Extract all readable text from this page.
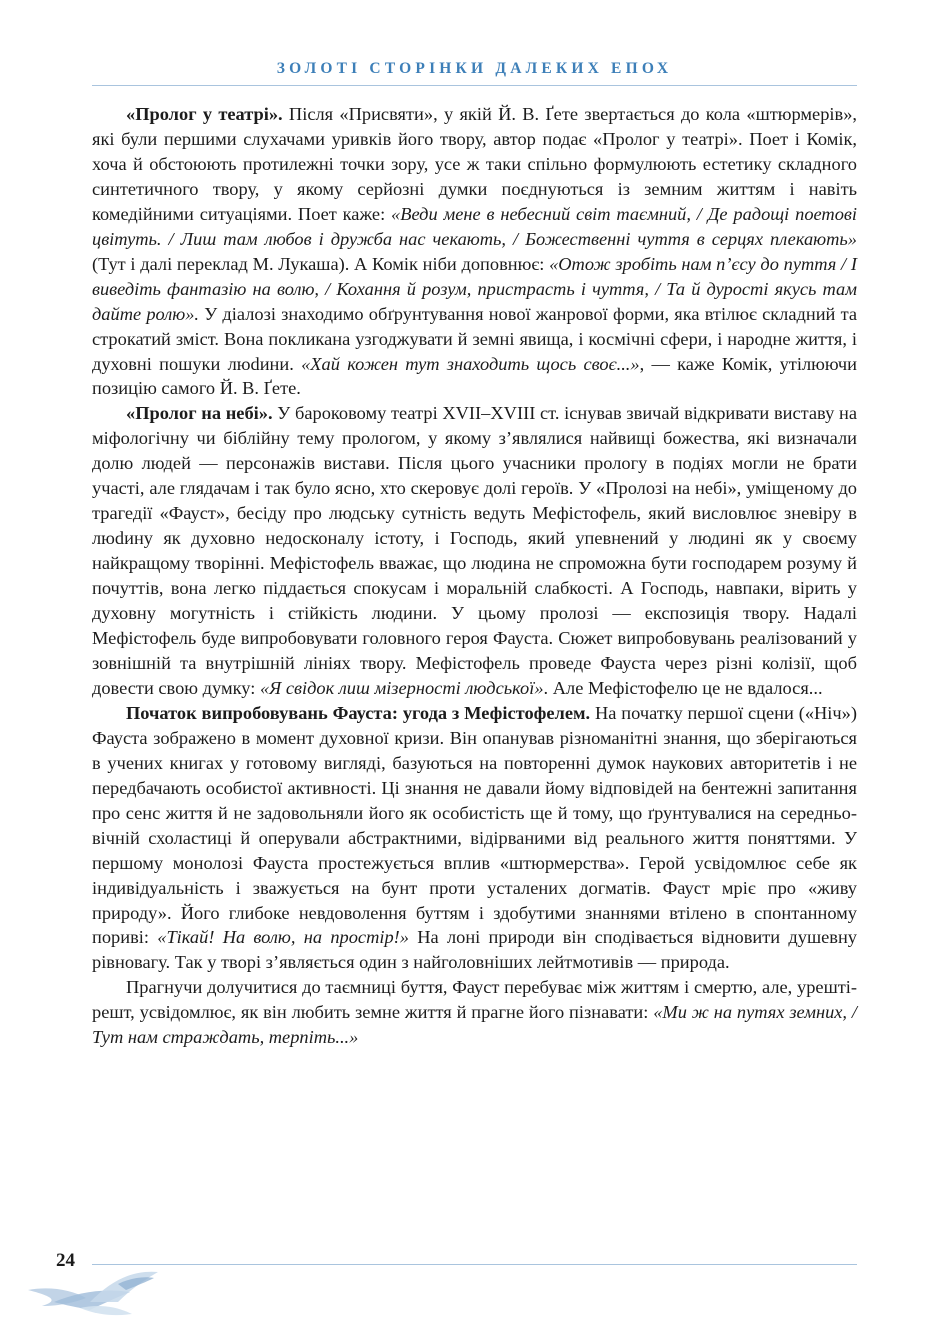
ЗОЛОТІ СТОРІНКИ ДАЛЕКИХ ЕПОХ

«Пролог у театрі». Після «Присвяти», у якій Й. В. Ґете звертається до кола «штюрмерів», які були першими слухачами уривків його твору, автор подає «Пролог у театрі». Поет і Комік, хоча й обстоюють протилежні точки зору, усе ж таки спільно формулюють естетику складного синтетичного твору, у якому серйозні думки поєднуються із земним життям і навіть комедійними ситуаціями. Поет каже: «Веди мене в небесний світ таємний, / Де радощі поетові цвітуть. / Лиш там любов і дружба нас чекають, / Божественні чуття в серцях плекають» (Тут і далі переклад М. Лукаша). А Комік ніби доповнює: «Отож зробіть нам п’єсу до пуття / І виведіть фантазію на волю, / Кохання й розум, пристрасть і чуття, / Та й дурості якусь там дайте ролю». У діалозі знаходимо обґрунтування нової жанрової форми, яка втілює складний та строкатий зміст. Вона покликана узгоджувати й земні явища, і космічні сфери, і народне життя, і духовні пошуки люdини. «Хай кожен тут знаходить щось своє...», — каже Комік, утілюючи позицію самого Й. В. Ґете.

«Пролог на небі». У бароковому театрі XVII–XVIII ст. існував звичай відкривати виставу на міфологічну чи біблійну тему прологом, у якому з’являлися найвищі божества, які визначали долю людей — персонажів вистави. Після цього учасники прологу в подіях могли не брати участі, але глядачам і так було ясно, хто скеровує долі героїв. У «Пролозі на небі», уміщеному до трагедії «Фауст», бесіду про людську сутність ведуть Мефістофель, який висловлює зневіру в люdину як духовно недосконалу істоту, і Господь, який упевнений у людині як у своєму найкращому творінні. Мефістофель вважає, що людина не спроможна бути господарем розуму й почуттів, вона легко піддається спокусам і моральній слабкості. А Господь, навпаки, вірить у духовну могутність і стійкість людини. У цьому пролозі — експозиція твору. Надалі Мефістофель буде випробовувати головного героя Фауста. Сюжет випробовувань реалізований у зовнішній та внутрішній лініях твору. Мефістофель проведе Фауста через різні колізії, щоб довести свою думку: «Я свідок лиш мізерності людської». Але Мефістофелю це не вдалося...

Початок випробовувань Фауста: угода з Мефістофелем. На початку першої сцени («Ніч») Фауста зображено в момент духовної кризи. Він опанував різноманітні знання, що зберігаються в учених книгах у готовому вигляді, базуються на повторенні думок наукових авторитетів і не передбачають особистої активності. Ці знання не давали йому відповідей на бентежні запитання про сенс життя й не задовольняли його як особистість ще й тому, що ґрунтувалися на середньовічній схоластиці й оперували абстрактними, відірваними від реального життя поняттями. У першому монолозі Фауста простежується вплив «штюрмерства». Герой усвідомлює себе як індивідуальність і зважується на бунт проти усталених догматів. Фауст мріє про «живу природу». Його глибоке невдоволення буттям і здобутими знаннями втілено в спонтанному пориві: «Тікай! На волю, на простір!» На лоні природи він сподівається відновити душевну рівновагу. Так у творі з’являється один з найголовніших лейтмотивів — природа.

Прагнучи долучитися до таємниці буття, Фауст перебуває між життям і смертю, але, урешті-решт, усвідомлює, як він любить земне життя й прагне його пізнавати: «Ми ж на путях земних, / Тут нам страждать, терпіть...»

24
